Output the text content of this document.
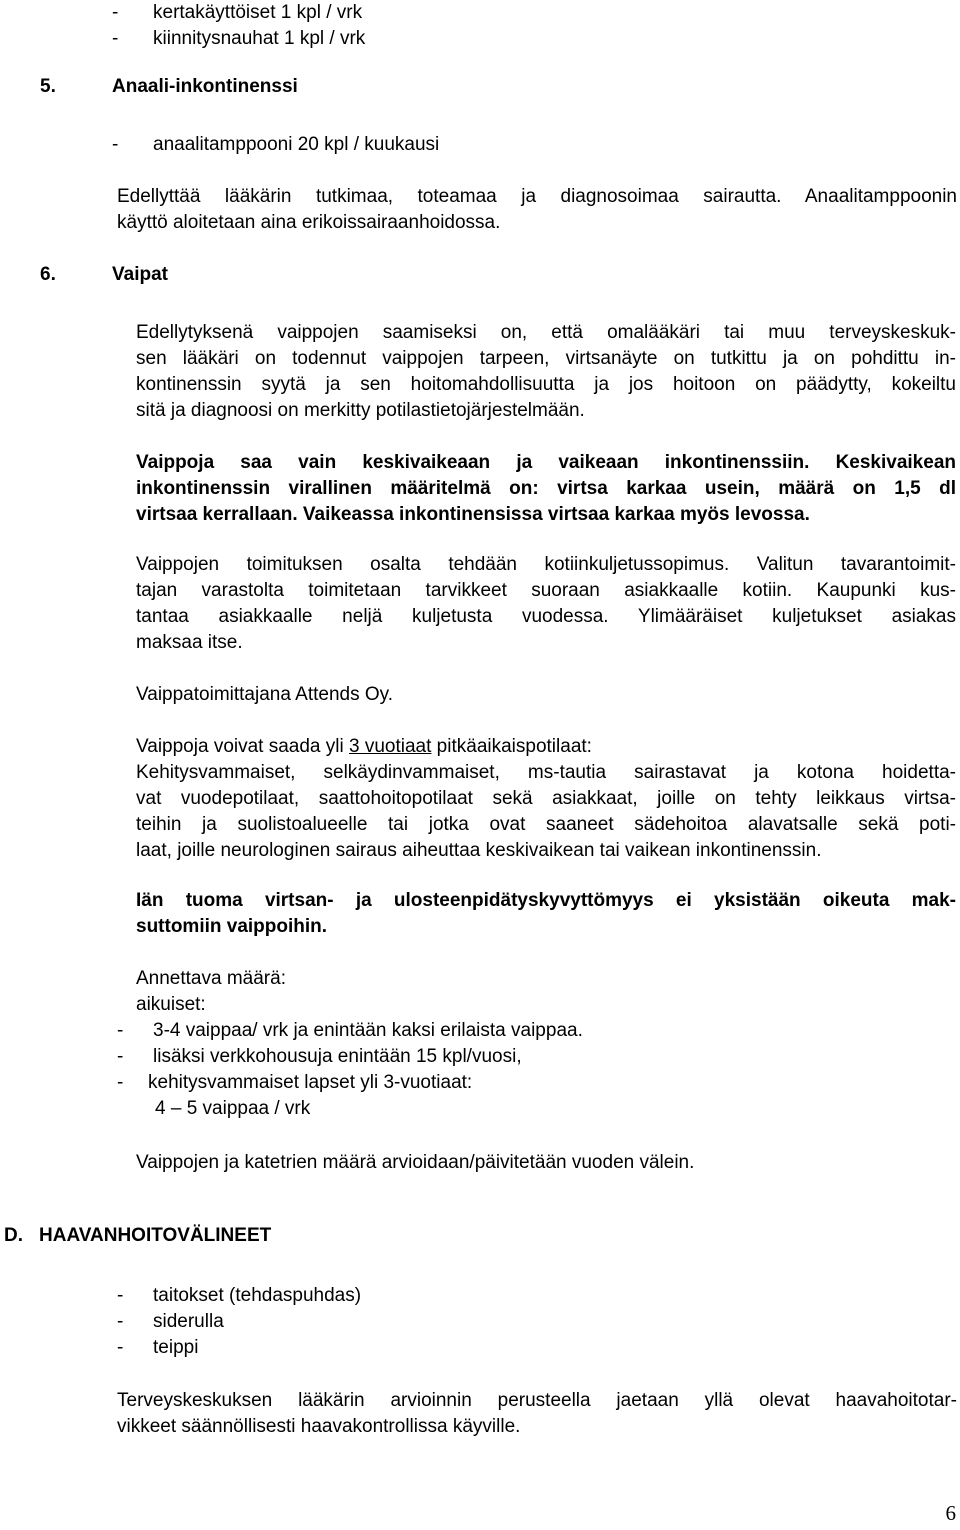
- kertakäyttöiset 1 kpl / vrk

- kiinnitysnauhat 1 kpl / vrk

5.	Anaali-inkontinenssi

- anaalitamppooni 20 kpl / kuukausi

Edellyttää lääkärin tutkimaa, toteamaa ja diagnosoimaa sairautta. Anaalitamppoonin
käyttö aloitetaan aina erikoissairaanhoidossa.

6.	Vaipat

Edellytyksenä vaippojen saamiseksi on, että omalääkäri tai muu terveyskeskuk-
sen lääkäri on todennut vaippojen tarpeen, virtsanäyte on tutkittu ja on pohdittu in-
kontinenssin syytä ja sen hoitomahdollisuutta ja jos hoitoon on päädytty, kokeiltu
sitä ja diagnoosi on merkitty potilastietojärjestelmään.
Vaippoja saa vain keskivaikeaan ja vaikeaan inkontinenssiin. Keskivaikean
inkontinenssin virallinen määritelmä on: virtsa karkaa usein, määrä on 1,5 dl
virtsaa kerrallaan. Vaikeassa inkontinensissa virtsaa karkaa myös levossa.
Vaippojen toimituksen osalta tehdään kotiinkuljetussopimus. Valitun tavarantoimit-
tajan varastolta toimitetaan tarvikkeet suoraan asiakkaalle kotiin. Kaupunki kus-
tantaa asiakkaalle neljä kuljetusta vuodessa. Ylimääräiset kuljetukset asiakas
maksaa itse.

Vaippatoimittajana Attends Oy.

Vaippoja voivat saada yli 3 vuotiaat pitkäaikaispotilaat:

Kehitysvammaiset, selkäydinvammaiset, ms-tautia sairastavat ja kotona hoidetta-
vat vuodepotilaat, saattohoitopotilaat sekä asiakkaat, joille on tehty leikkaus virtsa-
teihin ja suolistoalueelle tai jotka ovat saaneet sädehoitoa alavatsalle sekä poti-
laat, joille neurologinen sairaus aiheuttaa keskivaikean tai vaikean inkontinenssin.
Iän tuoma virtsan- ja ulosteenpidätyskyvyttömyys ei yksistään oikeuta mak-
suttomiin vaippoihin.

Annettava määrä:

aikuiset:

- 3-4 vaippaa/ vrk ja enintään kaksi erilaista vaippaa.

- lisäksi verkkohousuja enintään 15 kpl/vuosi,

- kehitysvammaiset lapset yli 3-vuotiaat:

4 – 5 vaippaa / vrk

Vaippojen ja katetrien määrä arvioidaan/päivitetään vuoden välein.

D. HAAVANHOITOVÄLINEET

- taitokset (tehdaspuhdas)

- siderulla

- teippi

Terveyskeskuksen lääkärin arvioinnin perusteella jaetaan yllä olevat haavahoitotar-
vikkeet säännöllisesti haavakontrollissa käyville.

6
